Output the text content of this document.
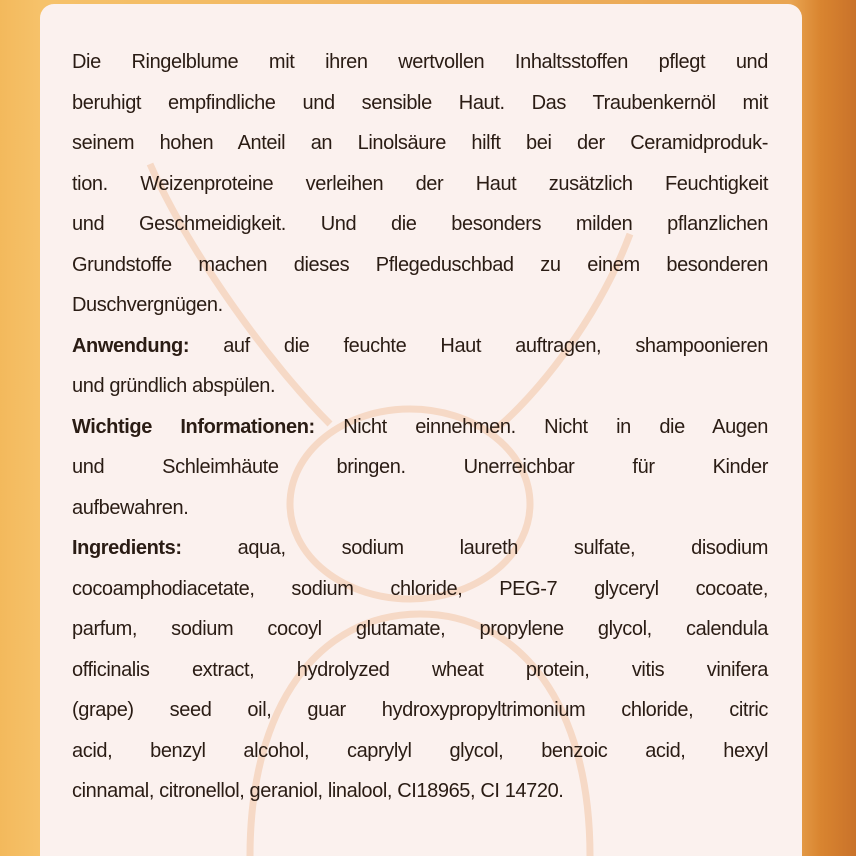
Die Ringelblume mit ihren wertvollen Inhaltsstoffen pflegt und
beruhigt empfindliche und sensible Haut. Das Traubenkernöl mit
seinem hohen Anteil an Linolsäure hilft bei der Ceramidproduk-
tion. Weizenproteine verleihen der Haut zusätzlich Feuchtigkeit
und Geschmeidigkeit. Und die besonders milden pflanzlichen
Grundstoffe machen dieses Pflegeduschbad zu einem besonderen
Duschvergnügen.
Anwendung: auf die feuchte Haut auftragen, shampoonieren
und gründlich abspülen.
Wichtige Informationen: Nicht einnehmen. Nicht in die Augen
und Schleimhäute bringen. Unerreichbar für Kinder
aufbewahren.
Ingredients: aqua, sodium laureth sulfate, disodium
cocoamphodiacetate, sodium chloride, PEG-7 glyceryl cocoate,
parfum, sodium cocoyl glutamate, propylene glycol, calendula
officinalis extract, hydrolyzed wheat protein, vitis vinifera
(grape) seed oil, guar hydroxypropyltrimonium chloride, citric
acid, benzyl alcohol, caprylyl glycol, benzoic acid, hexyl
cinnamal, citronellol, geraniol, linalool, CI18965, CI 14720.
